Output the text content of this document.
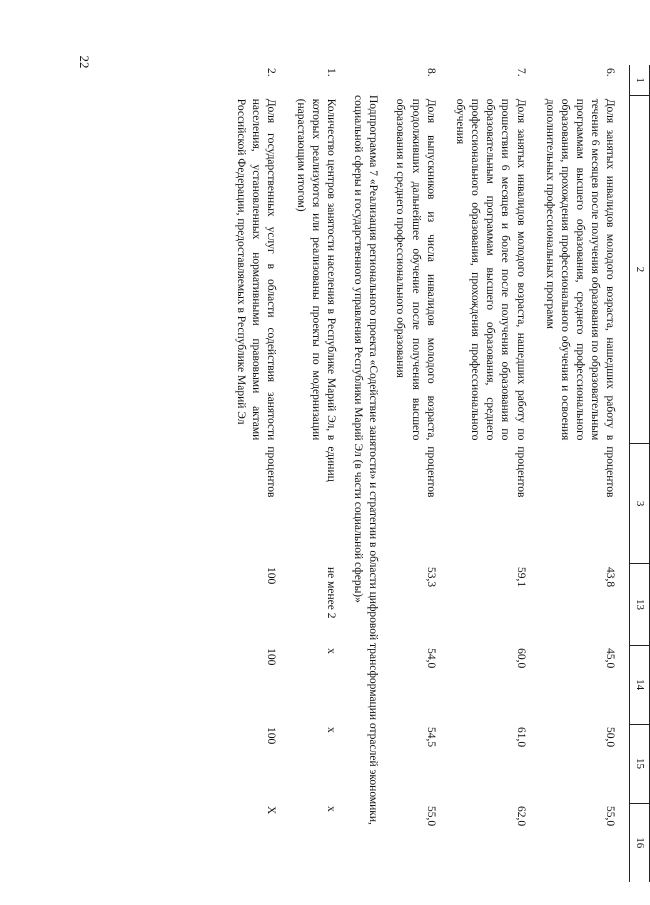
22
1	2	3	13	14	15	16

6.	Доля занятых инвалидов молодого возраста, нашедших работу в течение 6 месяцев после получения образования по образовательным программам высшего образования, среднего профессионального образования, прохождения профессионального обучения и освоения дополнительных профессиональных программ	процентов	43,8	45,0	50,0	55,0

7.	Доля занятых инвалидов молодого возраста, нашедших работу по прошествии 6 месяцев и более после получения образования по образовательным программам высшего образования, среднего профессионального образования, прохождения профессионального обучения	процентов	59,1	60,0	61,0	62,0

8.	Доля выпускников из числа инвалидов молодого возраста, продолживших дальнейшее обучение после получения высшего образования и среднего профессионального образования	процентов	53,3	54,0	54,5	55,0
Подпрограмма 7 «Реализация регионального проекта «Содействие занятости» и стратегии в области цифровой трансформации отраслей экономики, социальной сферы и государственного управления Республики Марий Эл (в части социальной сферы)»						
1.	Количество центров занятости населения в Республике Марий Эл, в которых реализуются или реализованы проекты по модернизации (нарастающим итогом)	единиц	не менее 2	x	x	x

2.	Доля государственных услуг в области содействия занятости населения, установленных нормативными правовыми актами Российской Федерации, предоставляемых в Республике Марий Эл	процентов	100	100	100	X
